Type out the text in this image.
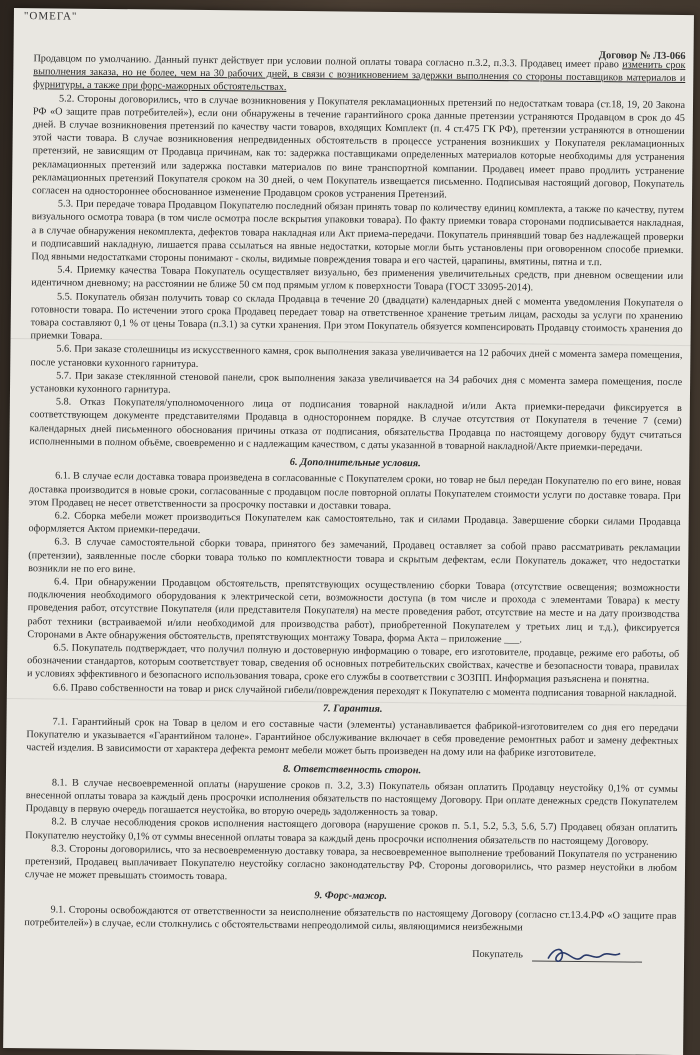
"ОМЕГА"
Договор № Л3-066

Продавцом по умолчанию. Данный пункт действует при условии полной оплаты товара согласно п.3.2, п.3.3. Продавец имеет право изменить срок выполнения заказа, но не более, чем на 30 рабочих дней, в связи с возникновением задержки выполнения со стороны поставщиков материалов и фурнитуры, а также при форс-мажорных обстоятельствах.

5.2. Стороны договорились, что в случае возникновения у Покупателя рекламационных претензий по недостаткам товара (ст.18, 19, 20 Закона РФ «О защите прав потребителей»), если они обнаружены в течение гарантийного срока данные претензии устраняются Продавцом в срок до 45 дней. В случае возникновения претензий по качеству части товаров, входящих Комплект (п. 4 ст.475 ГК РФ), претензии устраняются в отношении этой части товара. В случае возникновения непредвиденных обстоятельств в процессе устранения возникших у Покупателя рекламационных претензий, не зависящим от Продавца причинам, как то: задержка поставщиками определенных материалов которые необходимы для устранения рекламационных претензий или задержка поставки материалов по вине транспортной компании. Продавец имеет право продлить устранение рекламационных претензий Покупателя сроком на 30 дней, о чем Покупатель извещается письменно. Подписывая настоящий договор, Покупатель согласен на одностороннее обоснованное изменение Продавцом сроков устранения Претензий.

5.3. При передаче товара Продавцом Покупателю последний обязан принять товар по количеству единиц комплекта, а также по качеству, путем визуального осмотра товара (в том числе осмотра после вскрытия упаковки товара). По факту приемки товара сторонами подписывается накладная, а в случае обнаружения некомплекта, дефектов товара накладная или Акт приема-передачи. Покупатель принявший товар без надлежащей проверки и подписавший накладную, лишается права ссылаться на явные недостатки, которые могли быть установлены при оговоренном способе приемки. Под явными недостатками стороны понимают - сколы, видимые повреждения товара и его частей, царапины, вмятины, пятна и т.п.

5.4. Приемку качества Товара Покупатель осуществляет визуально, без применения увеличительных средств, при дневном освещении или идентичном дневному; на расстоянии не ближе 50 см под прямым углом к поверхности Товара (ГОСТ 33095-2014).

5.5. Покупатель обязан получить товар со склада Продавца в течение 20 (двадцати) календарных дней с момента уведомления Покупателя о готовности товара. По истечении этого срока Продавец передает товар на ответственное хранение третьим лицам, расходы за услуги по хранению товара составляют 0,1 % от цены Товара (п.3.1) за сутки хранения. При этом Покупатель обязуется компенсировать Продавцу стоимость хранения до приемки Товара.

5.6. При заказе столешницы из искусственного камня, срок выполнения заказа увеличивается на 12 рабочих дней с момента замера помещения, после установки кухонного гарнитура.

5.7. При заказе стеклянной стеновой панели, срок выполнения заказа увеличивается на 34 рабочих дня с момента замера помещения, после установки кухонного гарнитура.

5.8. Отказ Покупателя/уполномоченного лица от подписания товарной накладной и/или Акта приемки-передачи фиксируется в соответствующем документе представителями Продавца в одностороннем порядке. В случае отсутствия от Покупателя в течение 7 (семи) календарных дней письменного обоснования причины отказа от подписания, обязательства Продавца по настоящему договору будут считаться исполненными в полном объёме, своевременно и с надлежащим качеством, с даты указанной в товарной накладной/Акте приемки-передачи.

6. Дополнительные условия.

6.1. В случае если доставка товара произведена в согласованные с Покупателем сроки, но товар не был передан Покупателю по его вине, новая доставка производится в новые сроки, согласованные с продавцом после повторной оплаты Покупателем стоимости услуги по доставке товара. При этом Продавец не несет ответственности за просрочку поставки и доставки товара.

6.2. Сборка мебели может производиться Покупателем как самостоятельно, так и силами Продавца. Завершение сборки силами Продавца оформляется Актом приемки-передачи.

6.3. В случае самостоятельной сборки товара, принятого без замечаний, Продавец оставляет за собой право рассматривать рекламации (претензии), заявленные после сборки товара только по комплектности товара и скрытым дефектам, если Покупатель докажет, что недостатки возникли не по его вине.

6.4. При обнаружении Продавцом обстоятельств, препятствующих осуществлению сборки Товара (отсутствие освещения; возможности подключения необходимого оборудования к электрической сети, возможности доступа (в том числе и прохода с элементами Товара) к месту проведения работ, отсутствие Покупателя (или представителя Покупателя) на месте проведения работ, отсутствие на месте и на дату производства работ техники (встраиваемой и/или необходимой для производства работ), приобретенной Покупателем у третьих лиц и т.д.), фиксируется Сторонами в Акте обнаружения обстоятельств, препятствующих монтажу Товара, форма Акта – приложение ___.

6.5. Покупатель подтверждает, что получил полную и достоверную информацию о товаре, его изготовителе, продавце, режиме его работы, об обозначении стандартов, которым соответствует товар, сведения об основных потребительских свойствах, качестве и безопасности товара, правилах и условиях эффективного и безопасного использования товара, сроке его службы в соответствии с ЗОЗПП. Информация разъяснена и понятна.

6.6. Право собственности на товар и риск случайной гибели/повреждения переходят к Покупателю с момента подписания товарной накладной.

7. Гарантия.

7.1. Гарантийный срок на Товар в целом и его составные части (элементы) устанавливается фабрикой-изготовителем со дня его передачи Покупателю и указывается «Гарантийном талоне». Гарантийное обслуживание включает в себя проведение ремонтных работ и замену дефектных частей изделия. В зависимости от характера дефекта ремонт мебели может быть произведен на дому или на фабрике изготовителе.

8. Ответственность сторон.

8.1. В случае несвоевременной оплаты (нарушение сроков п. 3.2, 3.3) Покупатель обязан оплатить Продавцу неустойку 0,1% от суммы внесенной оплаты товара за каждый день просрочки исполнения обязательств по настоящему Договору. При оплате денежных средств Покупателем Продавцу в первую очередь погашается неустойка, во вторую очередь задолженность за товар.

8.2. В случае несоблюдения сроков исполнения настоящего договора (нарушение сроков п. 5.1, 5.2, 5.3, 5.6, 5.7) Продавец обязан оплатить Покупателю неустойку 0,1% от суммы внесенной оплаты товара за каждый день просрочки исполнения обязательств по настоящему Договору.

8.3. Стороны договорились, что за несвоевременную доставку товара, за несвоевременное выполнение требований Покупателя по устранению претензий, Продавец выплачивает Покупателю неустойку согласно законодательству РФ. Стороны договорились, что размер неустойки в любом случае не может превышать стоимость товара.

9. Форс-мажор.

9.1. Стороны освобождаются от ответственности за неисполнение обязательств по настоящему Договору (согласно ст.13.4.РФ «О защите прав потребителей») в случае, если столкнулись с обстоятельствами непреодолимой силы, являющимися неизбежными

Покупатель
